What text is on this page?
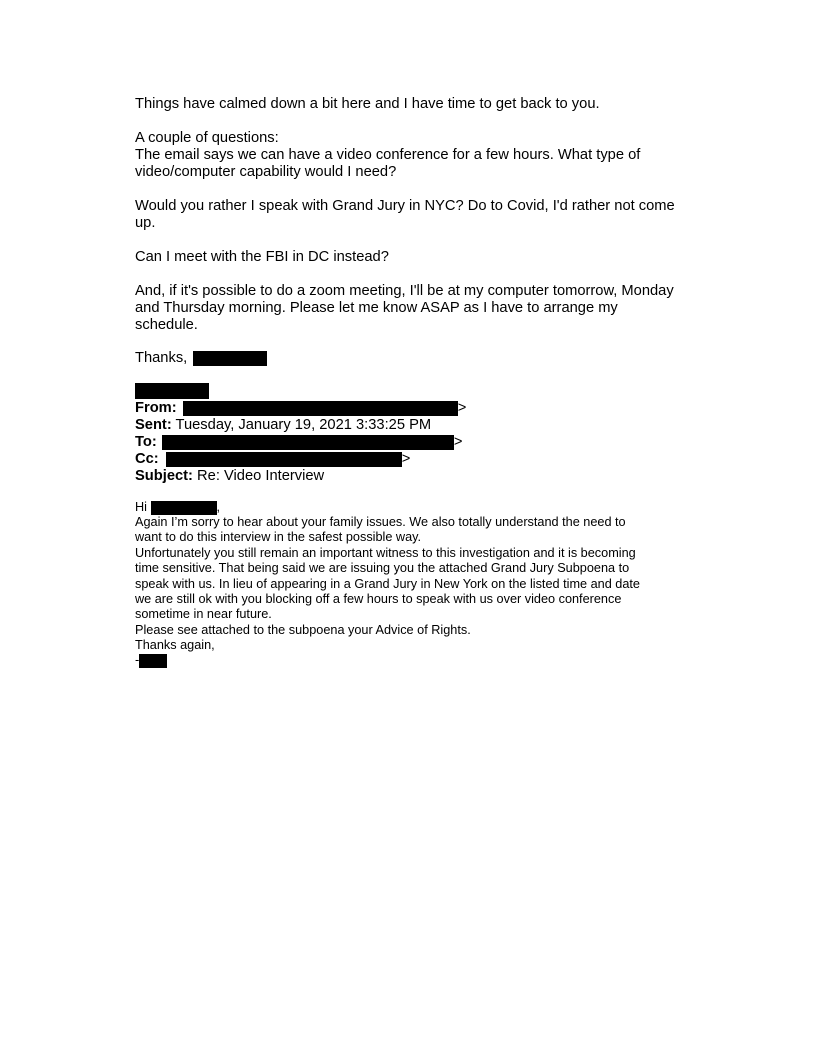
Things have calmed down a bit here and I have time to get back to you.

A couple of questions:

The email says we can have a video conference for a few hours. What type of

video/computer capability would I need?

Would you rather I speak with Grand Jury in NYC? Do to Covid, I'd rather not come

up.

Can I meet with the FBI in DC instead?

And, if it's possible to do a zoom meeting, I'll be at my computer tomorrow, Monday

and Thursday morning. Please let me know ASAP as I have to arrange my

schedule.

Thanks,

From:	>

Sent: Tuesday, January 19, 2021 3:33:25 PM

To:	>

Cc:	>

Subject: Re: Video Interview

Hi	,

Again I’m sorry to hear about your family issues. We also totally understand the need to

want to do this interview in the safest possible way.

Unfortunately you still remain an important witness to this investigation and it is becoming

time sensitive. That being said we are issuing you the attached Grand Jury Subpoena to

speak with us. In lieu of appearing in a Grand Jury in New York on the listed time and date

we are still ok with you blocking off a few hours to speak with us over video conference

sometime in near future.

Please see attached to the subpoena your Advice of Rights.

Thanks again,

-
